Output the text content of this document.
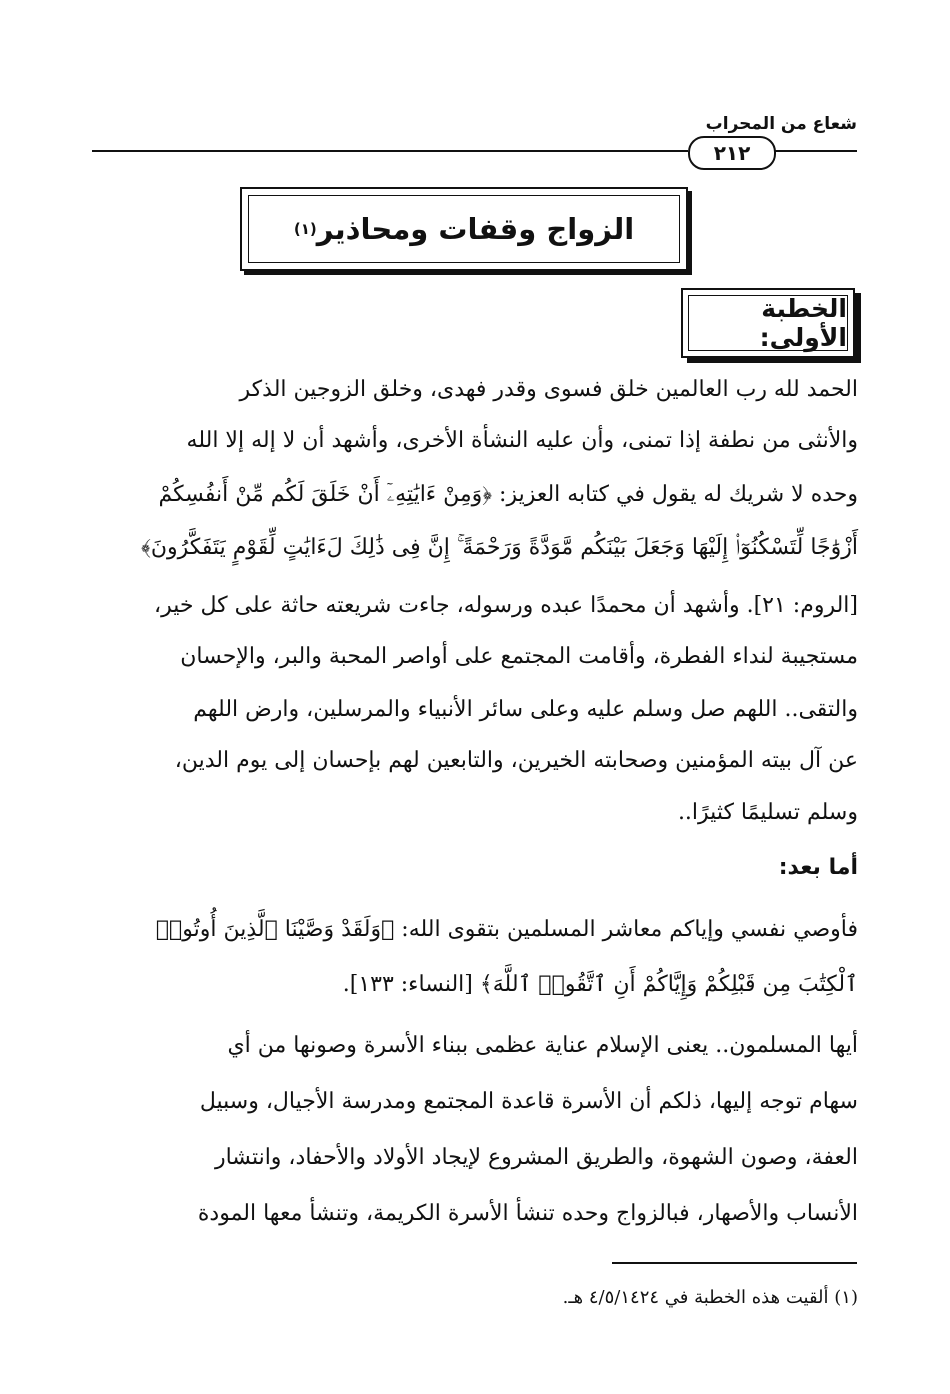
شعاع من المحراب
٢١٢
الزواج وقفات ومحاذير
(١)
الخطبة الأولى:
الحمد لله رب العالمين خلق فسوى وقدر فهدى، وخلق الزوجين الذكر
والأنثى من نطفة إذا تمنى، وأن عليه النشأة الأخرى، وأشهد أن لا إله إلا الله
وحده لا شريك له يقول في كتابه العزيز: ﴿وَمِنْ ءَايَٰتِهِۦٓ أَنْ خَلَقَ لَكُم مِّنْ أَنفُسِكُمْ
أَزْوَٰجًا لِّتَسْكُنُوٓا۟ إِلَيْهَا وَجَعَلَ بَيْنَكُم مَّوَدَّةً وَرَحْمَةً ۚ إِنَّ فِى ذَٰلِكَ لَءَايَٰتٍ لِّقَوْمٍ يَتَفَكَّرُونَ﴾
[الروم: ٢١]. وأشهد أن محمدًا عبده ورسوله، جاءت شريعته حاثة على كل خير،
مستجيبة لنداء الفطرة، وأقامت المجتمع على أواصر المحبة والبر، والإحسان
والتقى.. اللهم صل وسلم عليه وعلى سائر الأنبياء والمرسلين، وارض اللهم
عن آل بيته المؤمنين وصحابته الخيرين، والتابعين لهم بإحسان إلى يوم الدين،
وسلم تسليمًا كثيرًا..
أما بعد:
فأوصي نفسي وإياكم معاشر المسلمين بتقوى الله: ﴿وَلَقَدْ وَصَّيْنَا ٱلَّذِينَ أُوتُوا۟
ٱلْكِتَٰبَ مِن قَبْلِكُمْ وَإِيَّاكُمْ أَنِ ٱتَّقُوا۟ ٱللَّهَ﴾ [النساء: ١٣٣].
أيها المسلمون.. يعنى الإسلام عناية عظمى ببناء الأسرة وصونها من أي
سهام توجه إليها، ذلكم أن الأسرة قاعدة المجتمع ومدرسة الأجيال، وسبيل
العفة، وصون الشهوة، والطريق المشروع لإيجاد الأولاد والأحفاد، وانتشار
الأنساب والأصهار، فبالزواج وحده تنشأ الأسرة الكريمة، وتنشأ معها المودة
(١) ألقيت هذه الخطبة في ٤/٥/١٤٢٤ هـ.
